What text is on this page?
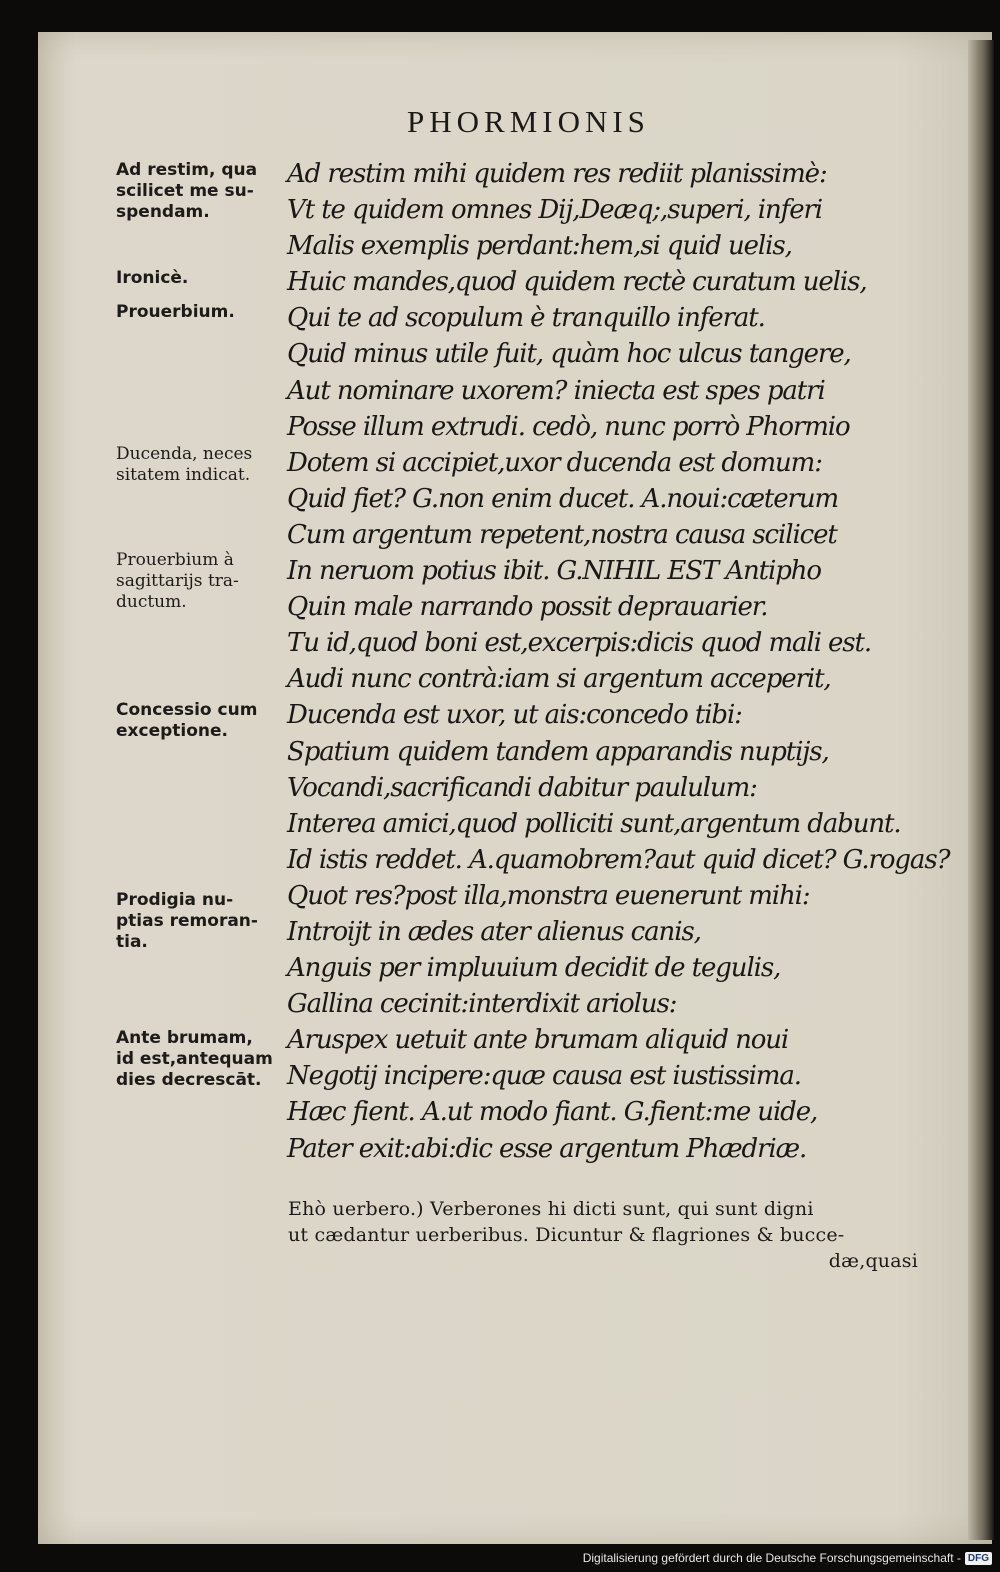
PHORMIONIS
Ad restim, qua
scilicet me su-
spendam.
Ironicè.
Prouerbium.
Ducenda, neces
sitatem indicat.
Prouerbium à
sagittarijs tra-
ductum.
Concessio cum
exceptione.
Prodigia nu-
ptias remoran-
tia.
Ante brumam,
id est,antequam
dies decrescāt.
Ad restim mihi quidem res rediit planissimè:
Vt te quidem omnes Dij,Deæq;,superi, inferi
Malis exemplis perdant:hem,si quid uelis,
Huic mandes,quod quidem rectè curatum uelis,
Qui te ad scopulum è tranquillo inferat.
Quid minus utile fuit, quàm hoc ulcus tangere,
Aut nominare uxorem? iniecta est spes patri
Posse illum extrudi. cedò, nunc porrò Phormio
Dotem si accipiet,uxor ducenda est domum:
Quid fiet? G.non enim ducet. A.noui:cæterum
Cum argentum repetent,nostra causa scilicet
In neruom potius ibit. G.NIHIL EST Antipho
Quin male narrando possit deprauarier.
Tu id,quod boni est,excerpis:dicis quod mali est.
Audi nunc contrà:iam si argentum acceperit,
Ducenda est uxor, ut ais:concedo tibi:
Spatium quidem tandem apparandis nuptijs,
Vocandi,sacrificandi dabitur paululum:
Interea amici,quod polliciti sunt,argentum dabunt.
Id istis reddet. A.quamobrem?aut quid dicet? G.rogas?
Quot res?post illa,monstra euenerunt mihi:
Introijt in ædes ater alienus canis,
Anguis per impluuium decidit de tegulis,
Gallina cecinit:interdixit ariolus:
Aruspex uetuit ante brumam aliquid noui
Negotij incipere:quæ causa est iustissima.
Hæc fient. A.ut modo fiant. G.fient:me uide,
Pater exit:abi:dic esse argentum Phædriæ.
Ehò uerbero.) Verberones hi dicti sunt, qui sunt digni
ut cædantur uerberibus. Dicuntur & flagriones & bucce-
dæ,quasi
Digitalisierung gefördert durch die Deutsche Forschungsgemeinschaft - DFG
